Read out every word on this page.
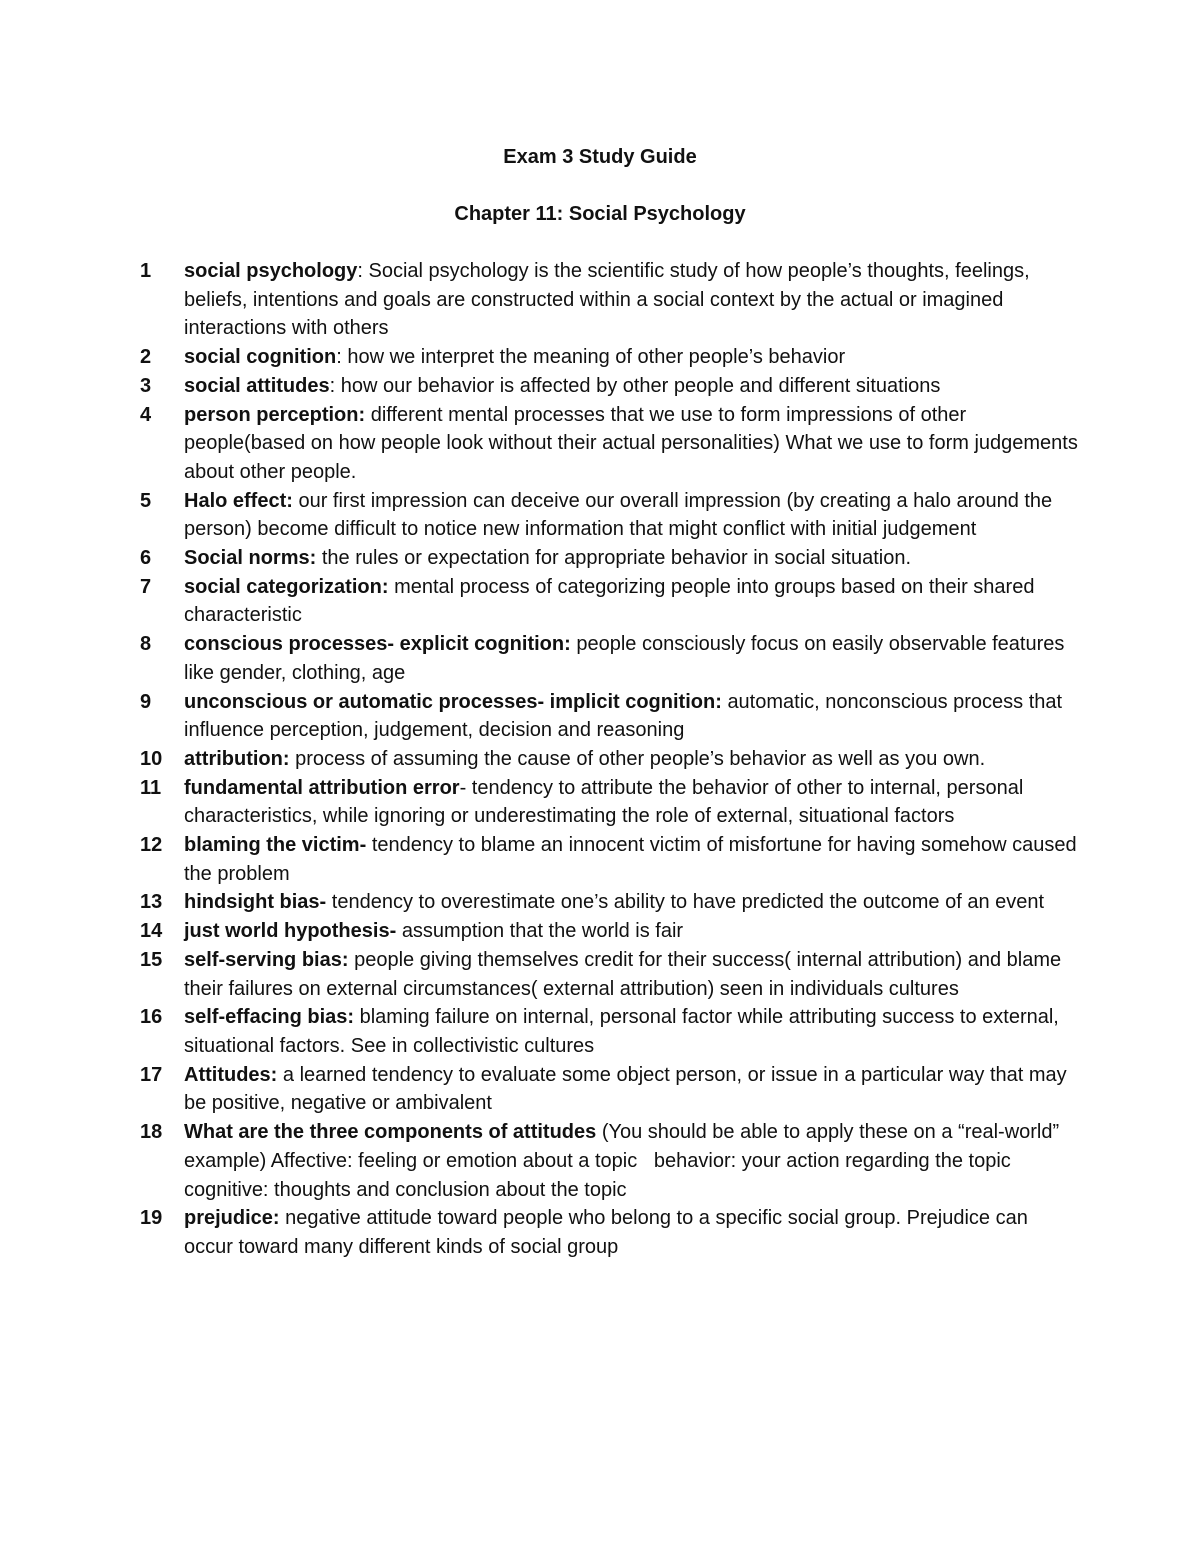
Exam 3 Study Guide
Chapter 11: Social Psychology
1	social psychology: Social psychology is the scientific study of how people’s thoughts, feelings, beliefs, intentions and goals are constructed within a social context by the actual or imagined interactions with others
2	social cognition: how we interpret the meaning of other people’s behavior
3	social attitudes: how our behavior is affected by other people and different situations
4	person perception: different mental processes that we use to form impressions of other people(based on how people look without their actual personalities) What we use to form judgements about other people.
5	Halo effect: our first impression can deceive our overall impression (by creating a halo around the person) become difficult to notice new information that might conflict with initial judgement
6	Social norms: the rules or expectation for appropriate behavior in social situation.
7	social categorization: mental process of categorizing people into groups based on their shared characteristic
8	conscious processes- explicit cognition: people consciously focus on easily observable features like gender, clothing, age
9	unconscious or automatic processes- implicit cognition: automatic, nonconscious process that influence perception, judgement, decision and reasoning
10	attribution: process of assuming the cause of other people’s behavior as well as you own.
11	fundamental attribution error- tendency to attribute the behavior of other to internal, personal characteristics, while ignoring or underestimating the role of external, situational factors
12	blaming the victim- tendency to blame an innocent victim of misfortune for having somehow caused the problem
13	hindsight bias- tendency to overestimate one’s ability to have predicted the outcome of an event
14	just world hypothesis- assumption that the world is fair
15	self-serving bias: people giving themselves credit for their success( internal attribution) and blame their failures on external circumstances( external attribution) seen in individuals cultures
16	self-effacing bias: blaming failure on internal, personal factor while attributing success to external, situational factors. See in collectivistic cultures
17	Attitudes: a learned tendency to evaluate some object person, or issue in a particular way that may be positive, negative or ambivalent
18	What are the three components of attitudes (You should be able to apply these on a “real-world” example) Affective: feeling or emotion about a topic   behavior: your action regarding the topic  cognitive: thoughts and conclusion about the topic
19	prejudice: negative attitude toward people who belong to a specific social group. Prejudice can occur toward many different kinds of social group
